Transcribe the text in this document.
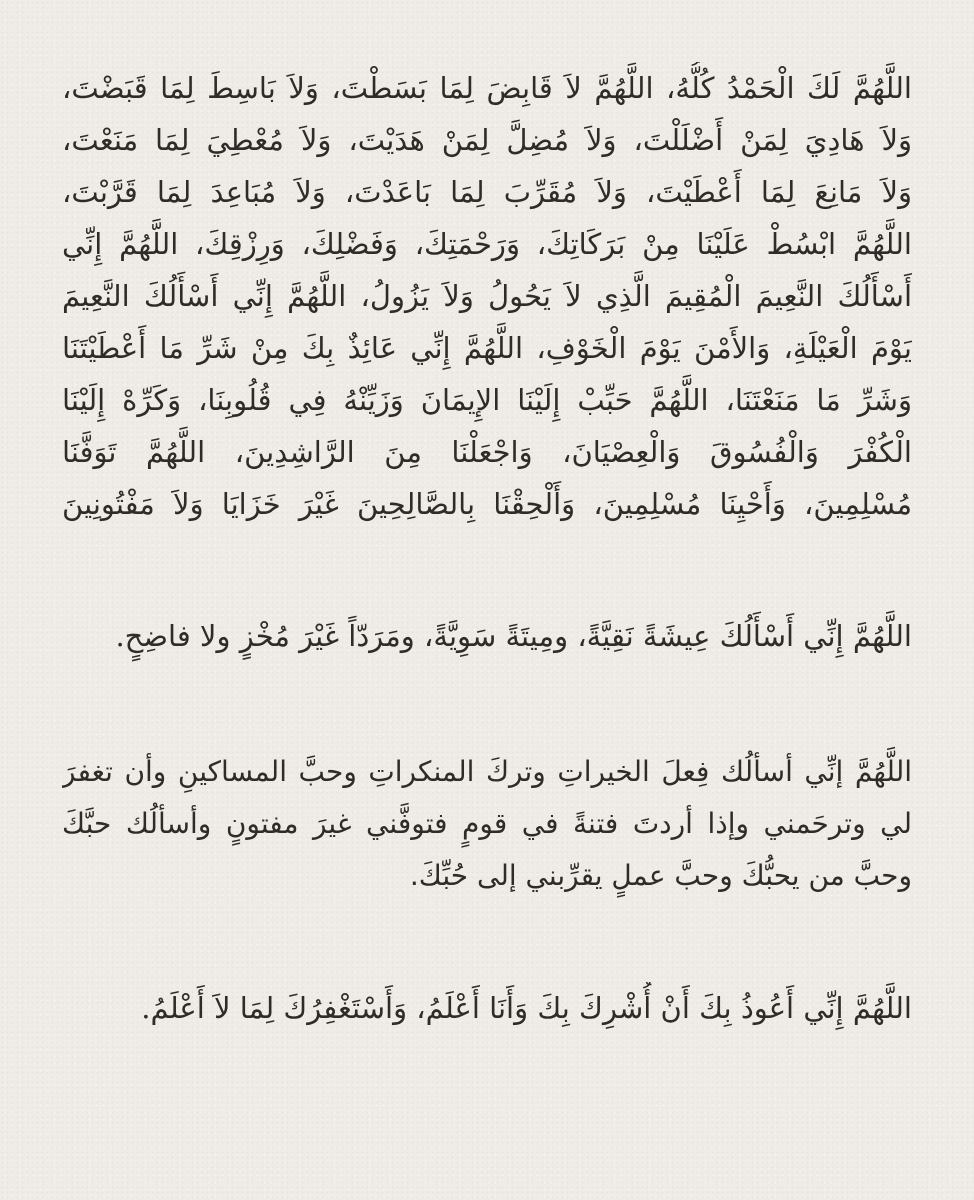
اللَّهُمَّ لَكَ الْحَمْدُ كُلُّهُ، اللَّهُمَّ لاَ قَابِضَ لِمَا بَسَطْتَ، وَلاَ بَاسِطَ لِمَا قَبَضْتَ،
وَلاَ هَادِيَ لِمَنْ أَضْلَلْتَ، وَلاَ مُضِلَّ لِمَنْ هَدَيْتَ، وَلاَ مُعْطِيَ لِمَا مَنَعْتَ،
وَلاَ مَانِعَ لِمَا أَعْطَيْتَ، وَلاَ مُقَرِّبَ لِمَا بَاعَدْتَ، وَلاَ مُبَاعِدَ لِمَا قَرَّبْتَ،
اللَّهُمَّ ابْسُطْ عَلَيْنَا مِنْ بَرَكَاتِكَ، وَرَحْمَتِكَ، وَفَضْلِكَ، وَرِزْقِكَ، اللَّهُمَّ إِنِّي
أَسْأَلُكَ النَّعِيمَ الْمُقِيمَ الَّذِي لاَ يَحُولُ وَلاَ يَزُولُ، اللَّهُمَّ إِنِّي أَسْأَلُكَ النَّعِيمَ
يَوْمَ الْعَيْلَةِ، وَالأَمْنَ يَوْمَ الْخَوْفِ، اللَّهُمَّ إِنِّي عَائِذٌ بِكَ مِنْ شَرِّ مَا أَعْطَيْتَنَا
وَشَرِّ مَا مَنَعْتَنَا، اللَّهُمَّ حَبِّبْ إِلَيْنَا الإِيمَانَ وَزَيِّنْهُ فِي قُلُوبِنَا، وَكَرِّهْ إِلَيْنَا
الْكُفْرَ وَالْفُسُوقَ وَالْعِصْيَانَ، وَاجْعَلْنَا مِنَ الرَّاشِدِينَ، اللَّهُمَّ تَوَفَّنَا
مُسْلِمِينَ، وَأَحْيِنَا مُسْلِمِينَ، وَأَلْحِقْنَا بِالصَّالِحِينَ غَيْرَ خَزَايَا وَلاَ مَفْتُونِينَ
اللَّهُمَّ إِنِّي أَسْأَلُكَ عِيشَةً نَقِيَّةً، ومِيتَةً سَوِيَّةً، ومَرَدّاً غَيْرَ مُخْزٍ ولا فاضِحٍ.
اللَّهُمَّ إنِّي أسألُك فِعلَ الخيراتِ وتركَ المنكراتِ وحبَّ المساكينِ وأن تغفرَ
لي وترحَمني وإذا أردتَ فتنةً في قومٍ فتوفَّني غيرَ مفتونٍ وأسألُك حبَّكَ
وحبَّ من يحبُّكَ وحبَّ عملٍ يقرِّبني إلى حُبِّكَ.
اللَّهُمَّ إِنِّي أَعُوذُ بِكَ أَنْ أُشْرِكَ بِكَ وَأَنَا أَعْلَمُ، وَأَسْتَغْفِرُكَ لِمَا لاَ أَعْلَمُ.
